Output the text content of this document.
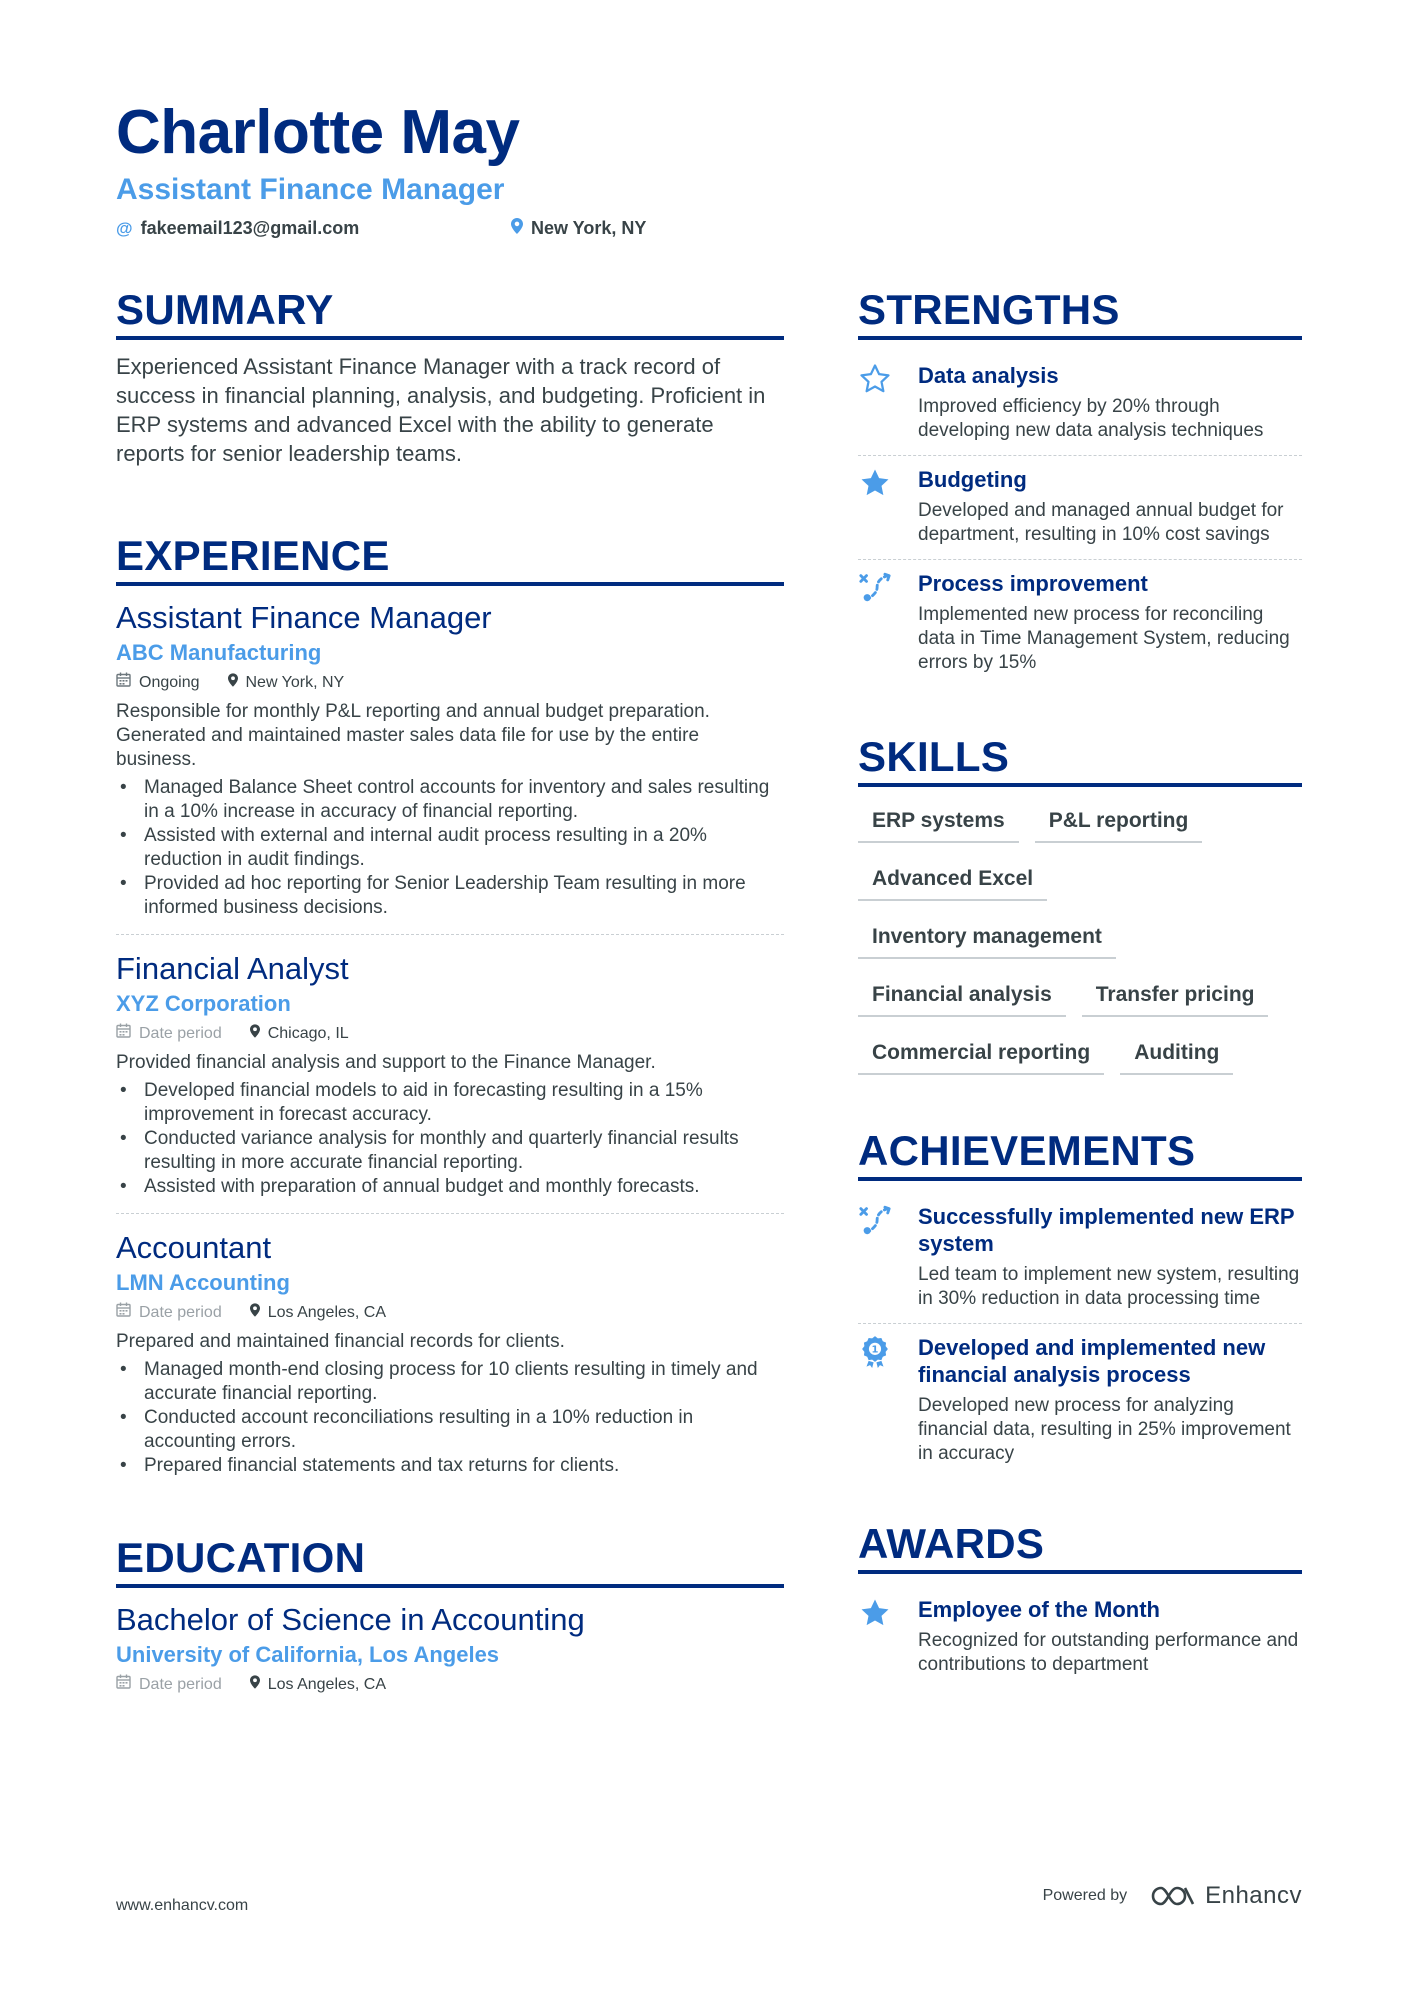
Charlotte May
Assistant Finance Manager
@ fakeemail123@gmail.com	New York, NY
SUMMARY
Experienced Assistant Finance Manager with a track record of success in financial planning, analysis, and budgeting. Proficient in ERP systems and advanced Excel with the ability to generate reports for senior leadership teams.
EXPERIENCE
Assistant Finance Manager
ABC Manufacturing
Ongoing	New York, NY
Responsible for monthly P&L reporting and annual budget preparation. Generated and maintained master sales data file for use by the entire business.
• Managed Balance Sheet control accounts for inventory and sales resulting in a 10% increase in accuracy of financial reporting.
• Assisted with external and internal audit process resulting in a 20% reduction in audit findings.
• Provided ad hoc reporting for Senior Leadership Team resulting in more informed business decisions.
Financial Analyst
XYZ Corporation
Date period	Chicago, IL
Provided financial analysis and support to the Finance Manager.
• Developed financial models to aid in forecasting resulting in a 15% improvement in forecast accuracy.
• Conducted variance analysis for monthly and quarterly financial results resulting in more accurate financial reporting.
• Assisted with preparation of annual budget and monthly forecasts.
Accountant
LMN Accounting
Date period	Los Angeles, CA
Prepared and maintained financial records for clients.
• Managed month-end closing process for 10 clients resulting in timely and accurate financial reporting.
• Conducted account reconciliations resulting in a 10% reduction in accounting errors.
• Prepared financial statements and tax returns for clients.
EDUCATION
Bachelor of Science in Accounting
University of California, Los Angeles
Date period	Los Angeles, CA
STRENGTHS
Data analysis
Improved efficiency by 20% through developing new data analysis techniques
Budgeting
Developed and managed annual budget for department, resulting in 10% cost savings
Process improvement
Implemented new process for reconciling data in Time Management System, reducing errors by 15%
SKILLS
ERP systems	P&L reporting
Advanced Excel
Inventory management
Financial analysis	Transfer pricing
Commercial reporting	Auditing
ACHIEVEMENTS
Successfully implemented new ERP system
Led team to implement new system, resulting in 30% reduction in data processing time
1 Developed and implemented new financial analysis process
Developed new process for analyzing financial data, resulting in 25% improvement in accuracy
AWARDS
Employee of the Month
Recognized for outstanding performance and contributions to department
www.enhancv.com
Powered by	Enhancv
